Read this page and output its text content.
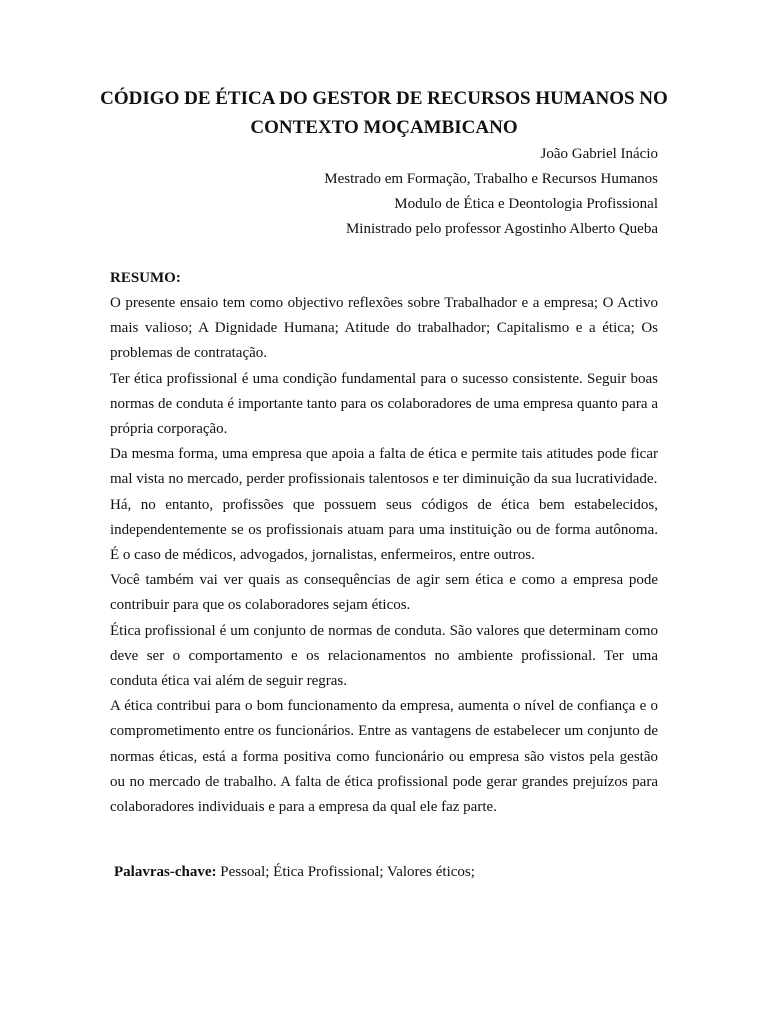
CÓDIGO DE ÉTICA DO GESTOR DE RECURSOS HUMANOS NO
CONTEXTO MOÇAMBICANO
João Gabriel Inácio
Mestrado em Formação, Trabalho e Recursos Humanos
Modulo de Ética e Deontologia Profissional
Ministrado pelo professor Agostinho Alberto Queba
RESUMO:

O presente ensaio tem como objectivo reflexões sobre Trabalhador e a empresa; O Activo mais valioso; A Dignidade Humana; Atitude do trabalhador; Capitalismo e a ética; Os problemas de contratação.

Ter ética profissional é uma condição fundamental para o sucesso consistente. Seguir boas normas de conduta é importante tanto para os colaboradores de uma empresa quanto para a própria corporação.

Da mesma forma, uma empresa que apoia a falta de ética e permite tais atitudes pode ficar mal vista no mercado, perder profissionais talentosos e ter diminuição da sua lucratividade.

Há, no entanto, profissões que possuem seus códigos de ética bem estabelecidos, independentemente se os profissionais atuam para uma instituição ou de forma autônoma. É o caso de médicos, advogados, jornalistas, enfermeiros, entre outros.

Você também vai ver quais as consequências de agir sem ética e como a empresa pode contribuir para que os colaboradores sejam éticos.

Ética profissional é um conjunto de normas de conduta. São valores que determinam como deve ser o comportamento e os relacionamentos no ambiente profissional. Ter uma conduta ética vai além de seguir regras.

A ética contribui para o bom funcionamento da empresa, aumenta o nível de confiança e o comprometimento entre os funcionários. Entre as vantagens de estabelecer um conjunto de normas éticas, está a forma positiva como funcionário ou empresa são vistos pela gestão ou no mercado de trabalho. A falta de ética profissional pode gerar grandes prejuízos para colaboradores individuais e para a empresa da qual ele faz parte.

Palavras-chave: Pessoal; Ética Profissional; Valores éticos;
